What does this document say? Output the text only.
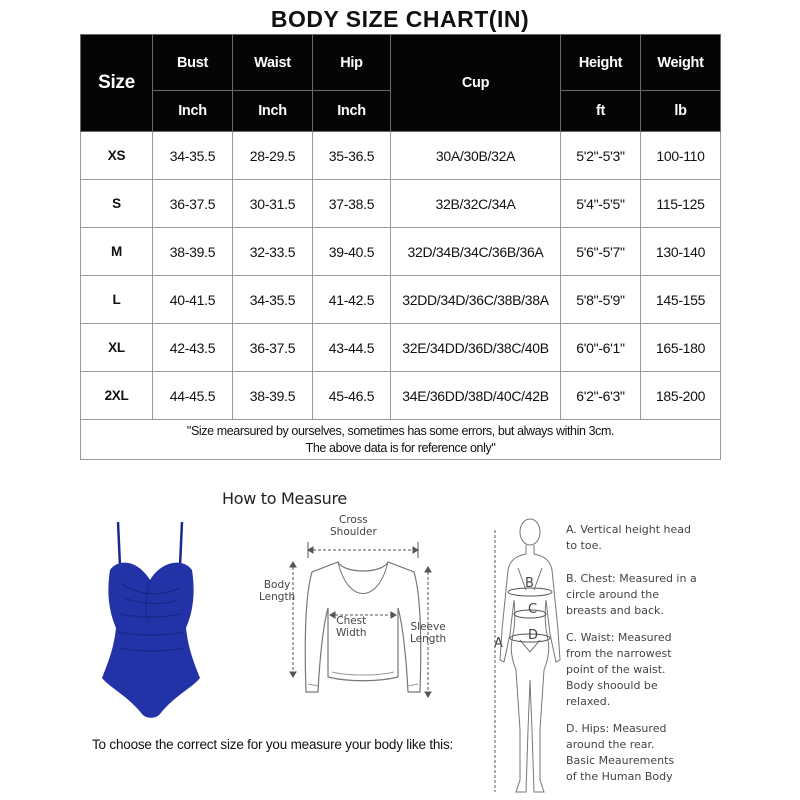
BODY SIZE CHART(IN)
Size	Bust	Waist	Hip	Cup	Height	Weight
	Inch	Inch	Inch		ft	lb
XS	34-35.5	28-29.5	35-36.5	30A/30B/32A	5'2"-5'3"	100-110
S	36-37.5	30-31.5	37-38.5	32B/32C/34A	5'4"-5'5"	115-125
M	38-39.5	32-33.5	39-40.5	32D/34B/34C/36B/36A	5'6"-5'7"	130-140
L	40-41.5	34-35.5	41-42.5	32DD/34D/36C/38B/38A	5'8"-5'9"	145-155
XL	42-43.5	36-37.5	43-44.5	32E/34DD/36D/38C/40B	6'0"-6'1"	165-180
2XL	44-45.5	38-39.5	45-46.5	34E/36DD/38D/40C/42B	6'2"-6'3"	185-200

"Size mearsured by ourselves, sometimes has some errors, but always within 3cm.
The above data is for reference only"						
How to Measure
Cross
Shoulder
Body
Length
Chest
Width	Sleeve
Length
B
C
D
A
A. Vertical height head
to toe.
B. Chest: Measured in a
circle around the
breasts and back.
C. Waist: Measured
from the narrowest
point of the waist.
Body shoould be
relaxed.
D. Hips: Measured
around the rear.
Basic Meaurements
of the Human Body
To choose the correct size for you measure your body like this:
